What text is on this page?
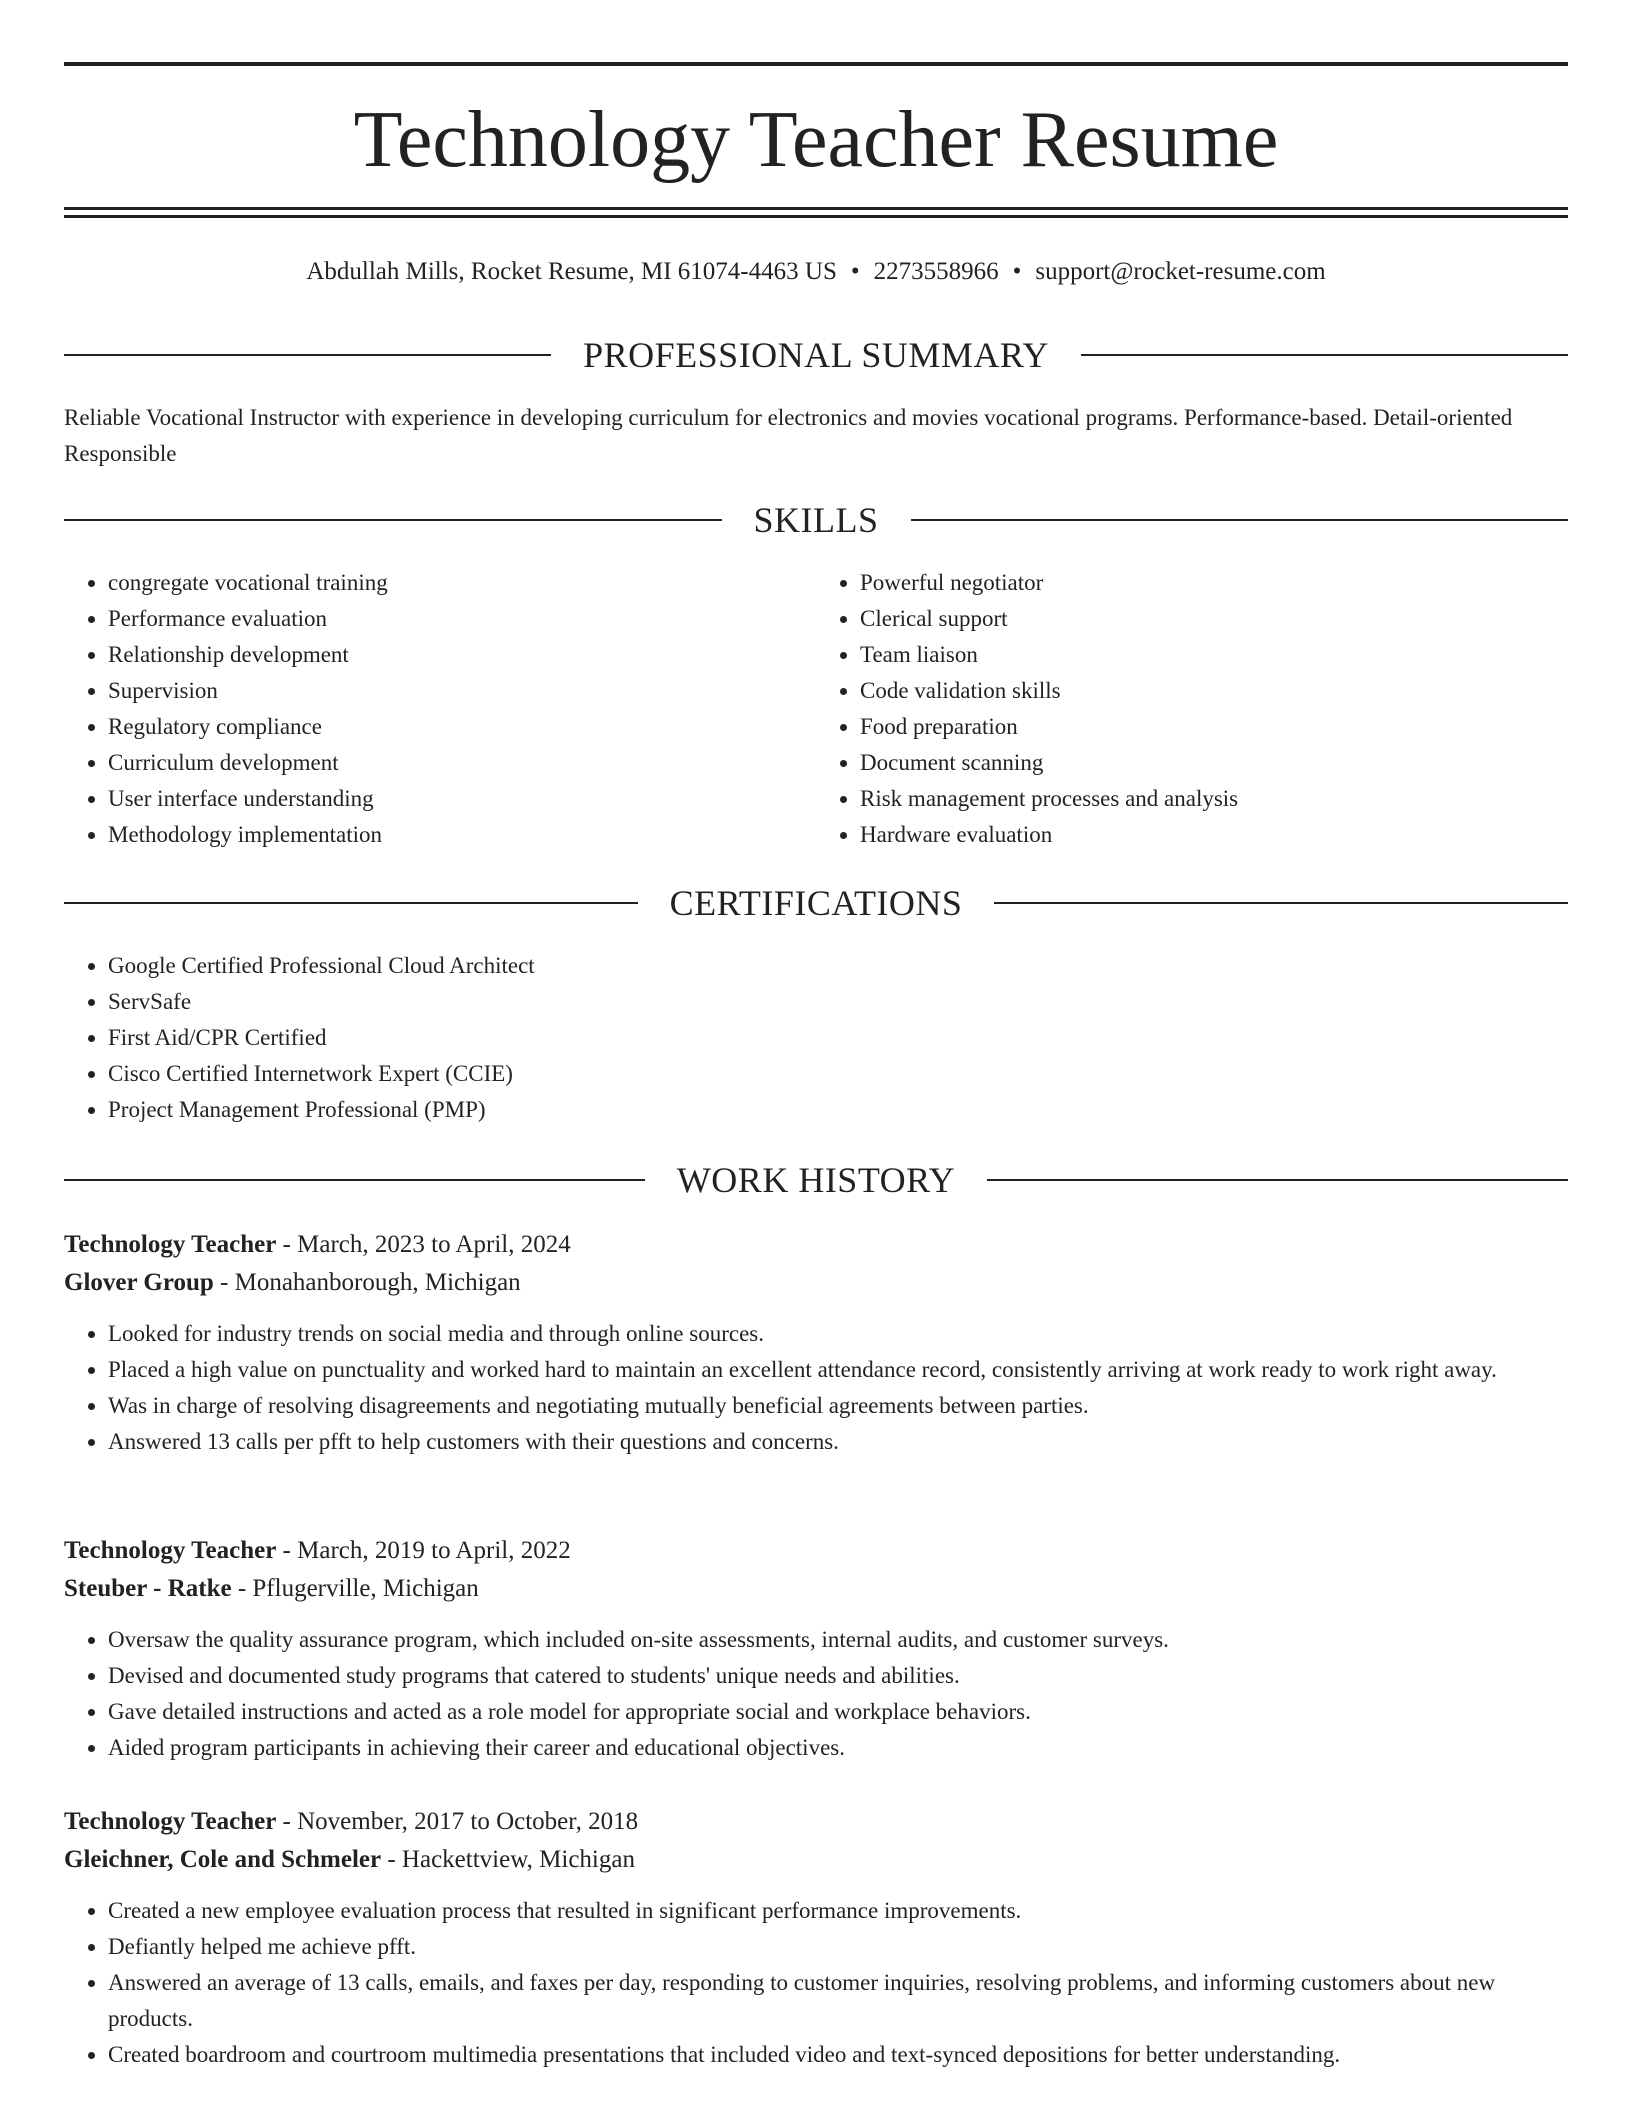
Technology Teacher Resume
Abdullah Mills, Rocket Resume, MI 61074-4463 US • 2273558966 • support@rocket-resume.com
PROFESSIONAL SUMMARY
Reliable Vocational Instructor with experience in developing curriculum for electronics and movies vocational programs. Performance-based. Detail-oriented Responsible
SKILLS
• congregate vocational training
• Performance evaluation
• Relationship development
• Supervision
• Regulatory compliance
• Curriculum development
• User interface understanding
• Methodology implementation
• Powerful negotiator
• Clerical support
• Team liaison
• Code validation skills
• Food preparation
• Document scanning
• Risk management processes and analysis
• Hardware evaluation
CERTIFICATIONS
• Google Certified Professional Cloud Architect
• ServSafe
• First Aid/CPR Certified
• Cisco Certified Internetwork Expert (CCIE)
• Project Management Professional (PMP)
WORK HISTORY
Technology Teacher - March, 2023 to April, 2024
Glover Group - Monahanborough, Michigan
• Looked for industry trends on social media and through online sources.
• Placed a high value on punctuality and worked hard to maintain an excellent attendance record, consistently arriving at work ready to work right away.
• Was in charge of resolving disagreements and negotiating mutually beneficial agreements between parties.
• Answered 13 calls per pfft to help customers with their questions and concerns.
Technology Teacher - March, 2019 to April, 2022
Steuber - Ratke - Pflugerville, Michigan
• Oversaw the quality assurance program, which included on-site assessments, internal audits, and customer surveys.
• Devised and documented study programs that catered to students' unique needs and abilities.
• Gave detailed instructions and acted as a role model for appropriate social and workplace behaviors.
• Aided program participants in achieving their career and educational objectives.
Technology Teacher - November, 2017 to October, 2018
Gleichner, Cole and Schmeler - Hackettview, Michigan
• Created a new employee evaluation process that resulted in significant performance improvements.
• Defiantly helped me achieve pfft.
• Answered an average of 13 calls, emails, and faxes per day, responding to customer inquiries, resolving problems, and informing customers about new products.
• Created boardroom and courtroom multimedia presentations that included video and text-synced depositions for better understanding.
